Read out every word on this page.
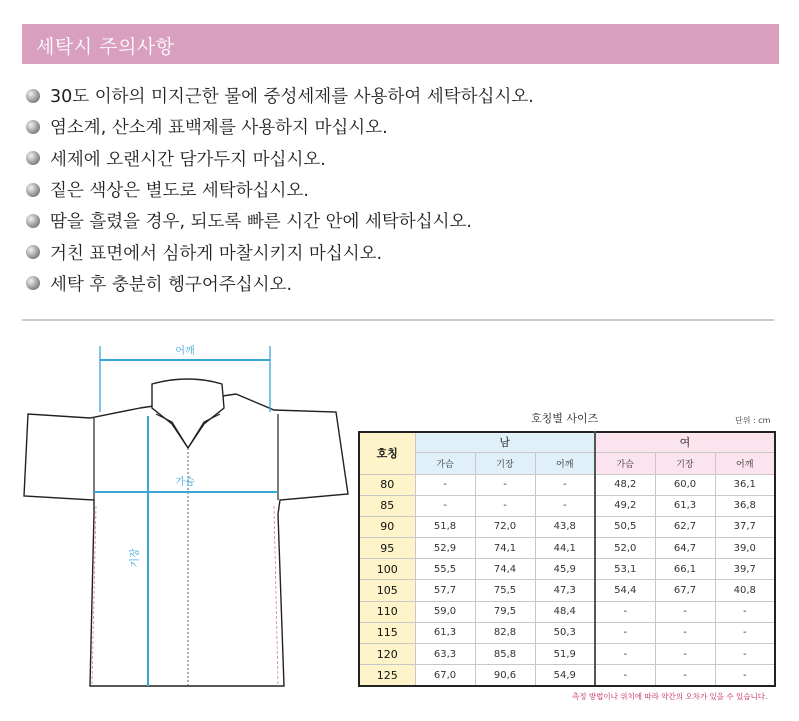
세탁시 주의사항
30도 이하의 미지근한 물에 중성세제를 사용하여 세탁하십시오.
염소계, 산소계 표백제를 사용하지 마십시오.
세제에 오랜시간 담가두지 마십시오.
짙은 색상은 별도로 세탁하십시오.
땀을 흘렸을 경우, 되도록 빠른 시간 안에 세탁하십시오.
거친 표면에서 심하게 마찰시키지 마십시오.
세탁 후 충분히 헹구어주십시오.
어깨
가슴
기장
호칭별 사이즈	단위 : cm
호칭	남			여		
	가슴	기장	어깨	가슴	기장	어깨
80	-	-	-	48,2	60,0	36,1
85	-	-	-	49,2	61,3	36,8
90	51,8	72,0	43,8	50,5	62,7	37,7
95	52,9	74,1	44,1	52,0	64,7	39,0
100	55,5	74,4	45,9	53,1	66,1	39,7
105	57,7	75,5	47,3	54,4	67,7	40,8
110	59,0	79,5	48,4	-	-	-
115	61,3	82,8	50,3	-	-	-
120	63,3	85,8	51,9	-	-	-
125	67,0	90,6	54,9	-	-	-
측정 방법이나 위치에 따라 약간의 오차가 있을 수 있습니다.
